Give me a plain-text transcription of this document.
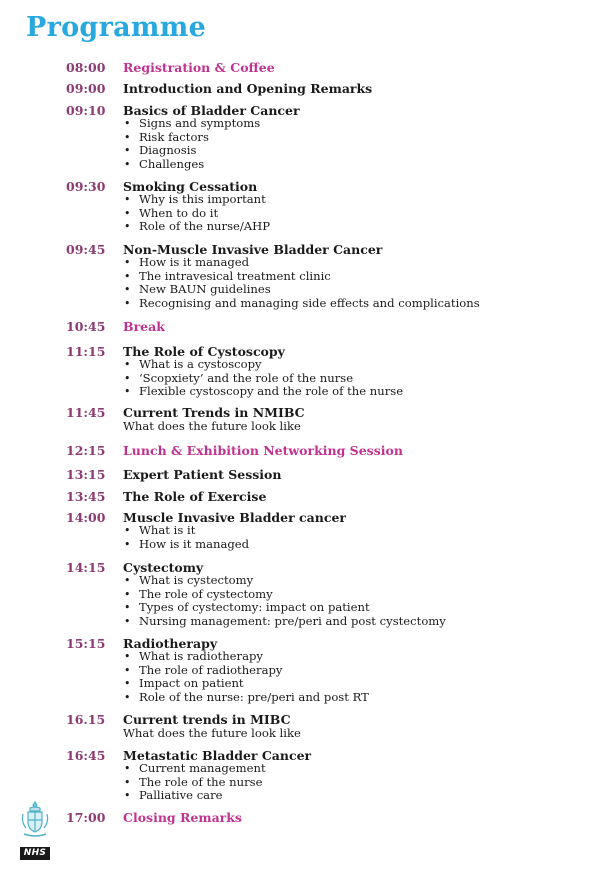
Programme
08:00 Registration & Coffee
09:00 Introduction and Opening Remarks
09:10 Basics of Bladder Cancer
• Signs and symptoms
• Risk factors
• Diagnosis
• Challenges
09:30 Smoking Cessation
• Why is this important
• When to do it
• Role of the nurse/AHP
09:45 Non-Muscle Invasive Bladder Cancer
• How is it managed
• The intravesical treatment clinic
• New BAUN guidelines
• Recognising and managing side effects and complications
10:45 Break
11:15 The Role of Cystoscopy
• What is a cystoscopy
• ‘Scopxiety’ and the role of the nurse
• Flexible cystoscopy and the role of the nurse
11:45 Current Trends in NMIBC
What does the future look like
12:15 Lunch & Exhibition Networking Session
13:15 Expert Patient Session
13:45 The Role of Exercise
14:00 Muscle Invasive Bladder cancer
• What is it
• How is it managed
14:15 Cystectomy
• What is cystectomy
• The role of cystectomy
• Types of cystectomy: impact on patient
• Nursing management: pre/peri and post cystectomy
15:15 Radiotherapy
• What is radiotherapy
• The role of radiotherapy
• Impact on patient
• Role of the nurse: pre/peri and post RT
16.15 Current trends in MIBC
What does the future look like
16:45 Metastatic Bladder Cancer
• Current management
• The role of the nurse
• Palliative care
17:00 Closing Remarks
NHS
